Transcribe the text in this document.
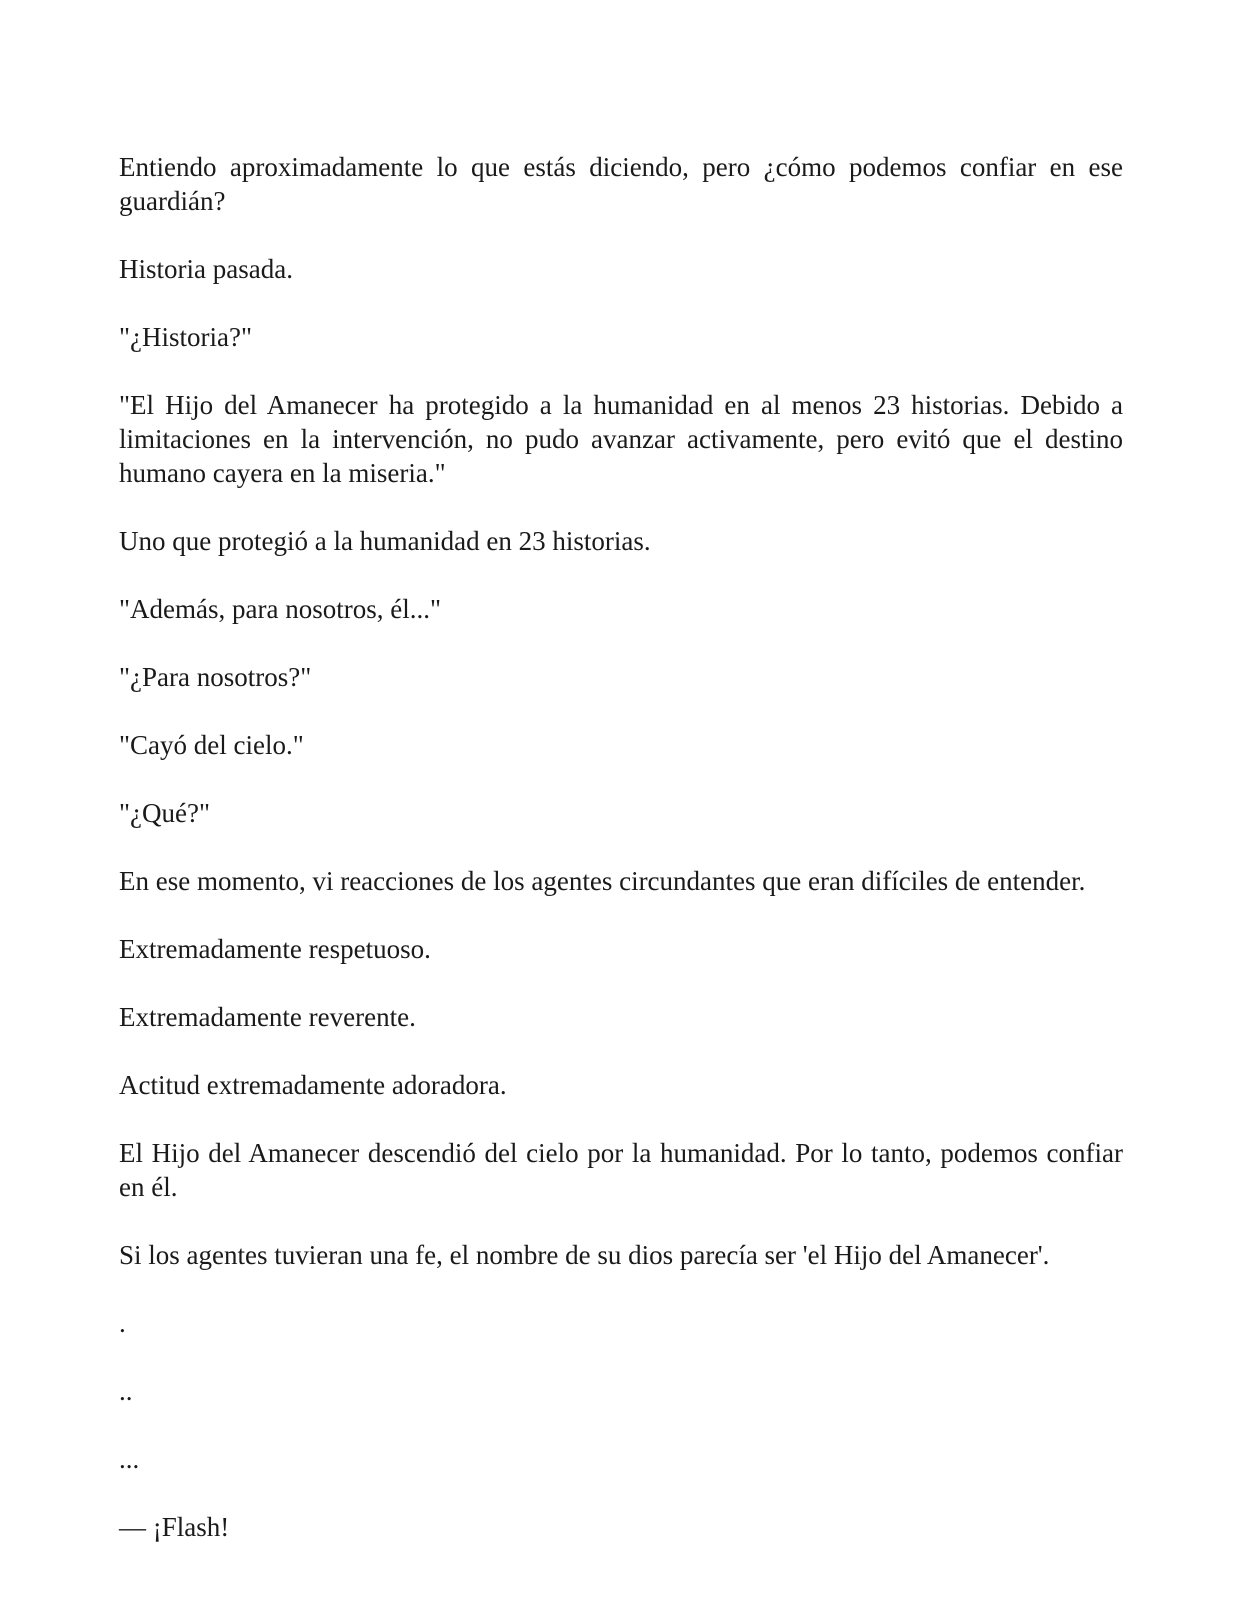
Entiendo aproximadamente lo que estás diciendo, pero ¿cómo podemos confiar en ese guardián?

Historia pasada.

"¿Historia?"

"El Hijo del Amanecer ha protegido a la humanidad en al menos 23 historias. Debido a limitaciones en la intervención, no pudo avanzar activamente, pero evitó que el destino humano cayera en la miseria."

Uno que protegió a la humanidad en 23 historias.

"Además, para nosotros, él..."

"¿Para nosotros?"

"Cayó del cielo."

"¿Qué?"

En ese momento, vi reacciones de los agentes circundantes que eran difíciles de entender.

Extremadamente respetuoso.

Extremadamente reverente.

Actitud extremadamente adoradora.

El Hijo del Amanecer descendió del cielo por la humanidad. Por lo tanto, podemos confiar en él.

Si los agentes tuvieran una fe, el nombre de su dios parecía ser 'el Hijo del Amanecer'.

.

..

...

— ¡Flash!
